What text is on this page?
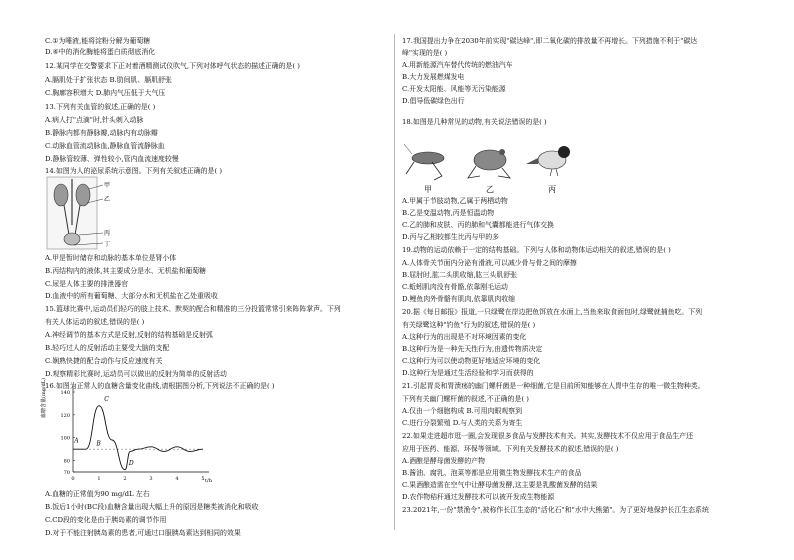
C.①为唾液,能将淀粉分解为葡萄糖
D.④中的消化酶能将蛋白质彻底消化
12.某同学在交警要求下正对着酒精测试仪吹气,下列对体呼气状态的描述正确的是( )
A.膈肌处于扩张状态 B.肋间肌、膈肌舒张
C.胸廓容积增大 D.肺内气压低于大气压
13.下列有关血管的叙述,正确的是( )
A.病人打"点滴"时,针头刺入动脉
B.静脉内都有静脉瓣,动脉内有动脉瓣
C.动脉血管流动脉血,静脉血管流静脉血
D.静脉管较薄、弹性较小,管内血流速度较慢
14.如图为人的泌尿系统示意图。下列有关叙述正确的是( )
甲
乙
丙
丁
A.甲是暂时储存和动脉的基本单位是肾小体
B.丙结构内的液体,其主要成分是水、无机盐和葡萄糖
C.尿是人体主要的排泄器官
D.血液中的所有葡萄糖、大部分水和无机盐在乙处重吸收
15.篮球比赛中,运动员们轻巧的肢上技术、默契的配合和精准的三分投篮常常引来阵阵掌声。下列
有关人体运动的叙述,错误的是( )
A.神经调节的基本方式是反射,反射的结构基础是反射弧
B.轻巧过人的反射活动主要受大脑的支配
C.娴熟快捷的配合动作与反应速度有关
D.观察精彩比赛时,运动员可以做出的反射为简单的反射活动
16.如图为正常人的血糖含量变化曲线,请根据图分析,下列说法不正确的是( )
血糖含量(mg/dL)
t/h
140
120
100
80
70
0	1	2	3	4	5
A	B
C
D
A.血糖的正常值为90 mg/dL 左右
B.饭后1小时(BC段)血糖含量出现大幅上升的原因是糖类被消化和吸收
C.CD段的变化是由于胰岛素的调节作用
D.对于不能注射胰岛素的患者,可通过口服胰岛素达到相同的效果
17.我国提出力争在2030年前实现"碳达峰",即二氧化碳的排放量不再增长。下列措施不利于"碳达
峰"实现的是( )
A.用新能源汽车替代传统的燃油汽车
B.大力发展燃煤发电
C.开发太阳能、风能等无污染能源
D.倡导低碳绿色出行
18.如图是几种常见的动物,有关说法错误的是( )
甲	乙	丙
A.甲属于节肢动物,乙属于两栖动物
B.乙是变温动物,丙是恒温动物
C.乙的肺和皮肤、丙的肺和气囊都能进行气体交换
D.丙与乙相较都生比丙与甲的多
19.动物的运动依赖于一定的结构基础。下列与人体和动物体运动相关的叙述,错误的是( )
A.人体骨关节面内分泌有滑液,可以减少骨与骨之间的摩擦
B.屈肘时,肱二头肌收缩,肱三头肌舒张
C.蚯蚓肌肉没有骨骼,依靠刚毛运动
D.鲤鱼肉外骨骼有肌肉,依靠肌肉收缩
20.据《每日邮报》报道,一只绿鹭在岸边把鱼饵放在水面上,当鱼来取食面包时,绿鹭就捕鱼吃。下列
有关绿鹭这种"钓鱼"行为的叙述,错误的是( )
A.这种行为的出现是不对环境因素的变化
B.这种行为是一种先天性行为,由遗传物质决定
C.这种行为可以使动物更好地适应环境的变化
D.这种行为是通过生活经验和学习而获得的
21.引起胃炎和胃溃疡的幽门螺杆菌是一种细菌,它是目前所知能够在人胃中生存的唯一微生物种类。
下列有关幽门螺杆菌的叙述,不正确的是( )
A.仅由一个细胞构成 B.可用肉眼观察到
C.进行分裂繁殖 D.与人类的关系为寄生
22.如果走进超市逛一圈,会发现很多食品与发酵技术有关。其实,发酵技术不仅应用于食品生产还
应用于医药、能源、环保等领域。下列有关发酵技术的叙述,错误的是( )
A.酒酿是酵母菌发酵的产物
B.酱油、腐乳、泡菜等都是应用微生物发酵技术生产的食品
C.果酒酿造需在空气中让酵母菌发酵,这主要是乳酸菌发酵的结果
D.农作物秸秆通过发酵技术可以被开发成生物能源
23.2021年,一份"禁渔令",被称作长江生态的"活化石"和"水中大熊猫"。为了更好地保护长江生态系统
